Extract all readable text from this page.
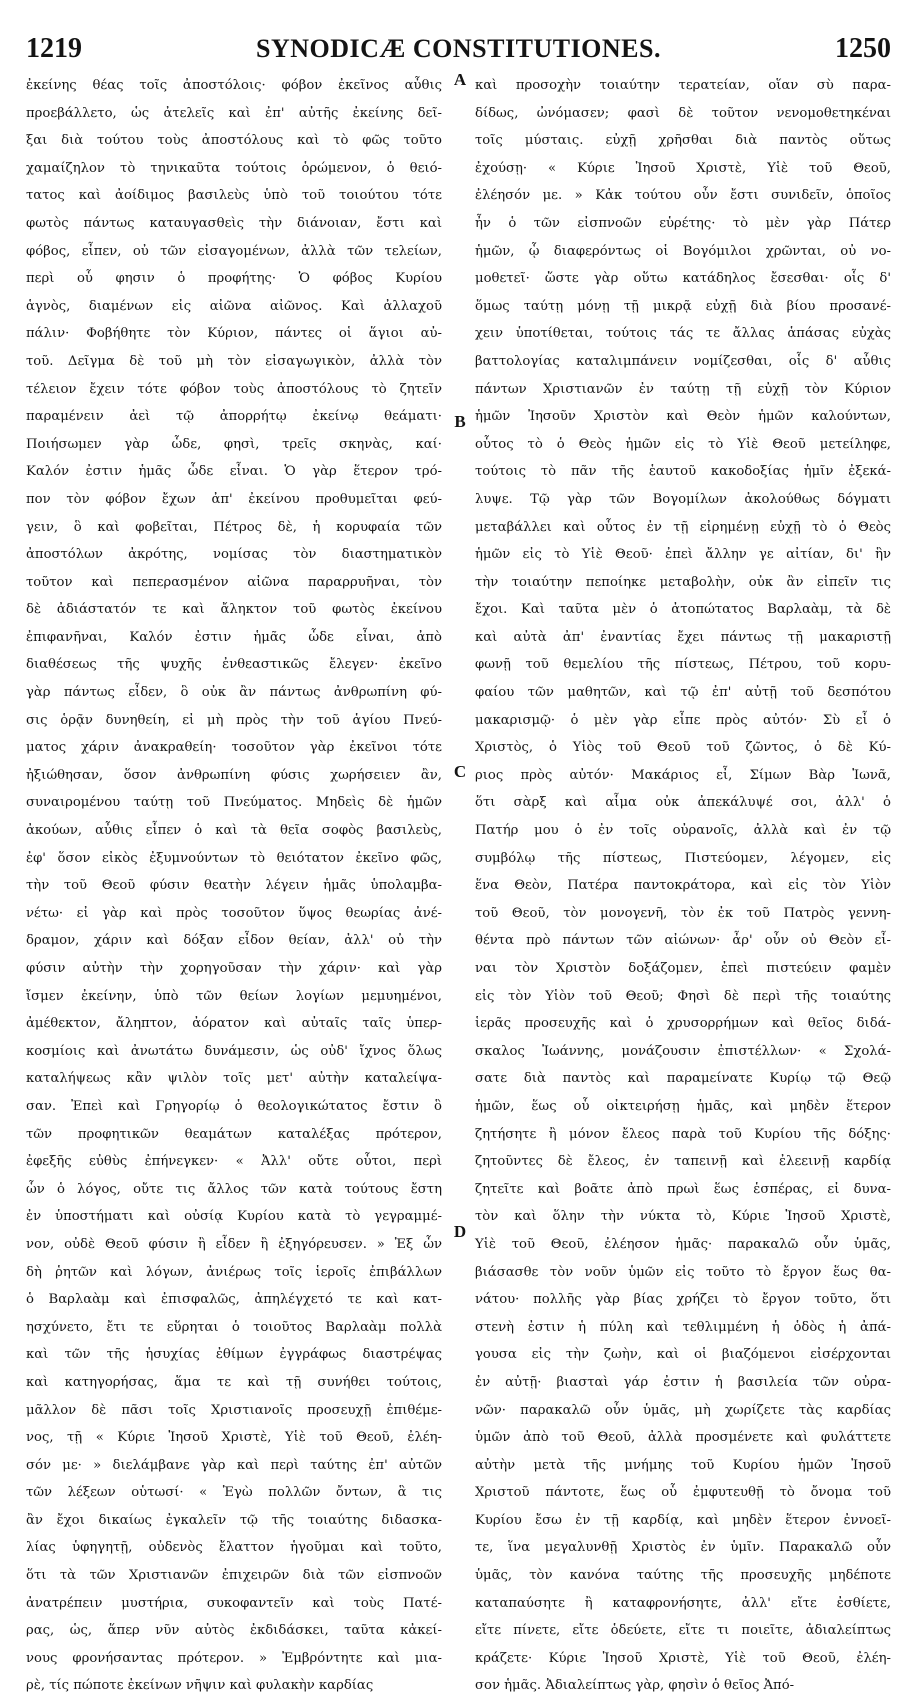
1219	SYNODICÆ CONSTITUTIONES.	1250
ἐκείνης θέας τοῖς ἀποστόλοις· φόβον ἐκεῖνος αὖθις
προεβάλλετο, ὡς ἀτελεῖς καὶ ἐπ' αὐτῆς ἐκείνης δεῖ-
ξαι διὰ τούτου τοὺς ἀποστόλους καὶ τὸ φῶς τοῦτο
χαμαίζηλον τὸ τηνικαῦτα τούτοις ὁρώμενον, ὁ θειό-
τατος καὶ ἀοίδιμος βασιλεὺς ὑπὸ τοῦ τοιούτου τότε
φωτὸς πάντως καταυγασθεὶς τὴν διάνοιαν, ἔστι καὶ
φόβος, εἶπεν, οὐ τῶν εἰσαγομένων, ἀλλὰ τῶν τελείων,
περὶ οὗ φησιν ὁ προφήτης· Ὁ φόβος Κυρίου
ἁγνὸς, διαμένων εἰς αἰῶνα αἰῶνος. Καὶ ἀλλαχοῦ
πάλιν· Φοβήθητε τὸν Κύριον, πάντες οἱ ἅγιοι αὐ-
τοῦ. Δεῖγμα δὲ τοῦ μὴ τὸν εἰσαγωγικὸν, ἀλλὰ τὸν
τέλειον ἔχειν τότε φόβον τοὺς ἀποστόλους τὸ ζητεῖν
παραμένειν ἀεὶ τῷ ἀπορρήτῳ ἐκείνῳ θεάματι·
Ποιήσωμεν γὰρ ὧδε, φησὶ, τρεῖς σκηνὰς, καί·
Καλόν ἐστιν ἡμᾶς ὧδε εἶναι. Ὁ γὰρ ἕτερον τρό-
πον τὸν φόβον ἔχων ἀπ' ἐκείνου προθυμεῖται φεύ-
γειν, ὃ καὶ φοβεῖται, Πέτρος δὲ, ἡ κορυφαία τῶν
ἀποστόλων ἀκρότης, νομίσας τὸν διαστηματικὸν
τοῦτον καὶ πεπερασμένον αἰῶνα παραρρυῆναι, τὸν
δὲ ἀδιάστατόν τε καὶ ἄληκτον τοῦ φωτὸς ἐκείνου
ἐπιφανῆναι, Καλόν ἐστιν ἡμᾶς ὧδε εἶναι, ἀπὸ
διαθέσεως τῆς ψυχῆς ἐνθεαστικῶς ἔλεγεν· ἐκεῖνο
γὰρ πάντως εἶδεν, ὃ οὐκ ἂν πάντως ἀνθρωπίνη φύ-
σις ὁρᾷν δυνηθείη, εἰ μὴ πρὸς τὴν τοῦ ἁγίου Πνεύ-
ματος χάριν ἀνακραθείη· τοσοῦτον γὰρ ἐκεῖνοι τότε
ἠξιώθησαν, ὅσον ἀνθρωπίνη φύσις χωρήσειεν ἂν,
συναιρομένου ταύτῃ τοῦ Πνεύματος. Μηδεὶς δὲ ἡμῶν
ἀκούων, αὖθις εἶπεν ὁ καὶ τὰ θεῖα σοφὸς βασιλεὺς,
ἐφ' ὅσον εἰκὸς ἐξυμνούντων τὸ θειότατον ἐκεῖνο φῶς,
τὴν τοῦ Θεοῦ φύσιν θεατὴν λέγειν ἡμᾶς ὑπολαμβα-
νέτω· εἰ γὰρ καὶ πρὸς τοσοῦτον ὕψος θεωρίας ἀνέ-
δραμον, χάριν καὶ δόξαν εἶδον θείαν, ἀλλ' οὐ τὴν
φύσιν αὐτὴν τὴν χορηγοῦσαν τὴν χάριν· καὶ γὰρ
ἴσμεν ἐκείνην, ὑπὸ τῶν θείων λογίων μεμυημένοι,
ἀμέθεκτον, ἄληπτον, ἀόρατον καὶ αὐταῖς ταῖς ὑπερ-
κοσμίοις καὶ ἀνωτάτω δυνάμεσιν, ὡς οὐδ' ἴχνος ὅλως
καταλήψεως κἂν ψιλὸν τοῖς μετ' αὐτὴν καταλείψα-
σαν. Ἐπεὶ καὶ Γρηγορίῳ ὁ θεολογικώτατος ἔστιν ὃ
τῶν προφητικῶν θεαμάτων καταλέξας πρότερον,
ἐφεξῆς εὐθὺς ἐπήνεγκεν· « Ἀλλ' οὔτε οὗτοι, περὶ
ὧν ὁ λόγος, οὔτε τις ἄλλος τῶν κατὰ τούτους ἔστη
ἐν ὑποστήματι καὶ οὐσίᾳ Κυρίου κατὰ τὸ γεγραμμέ-
νον, οὐδὲ Θεοῦ φύσιν ἢ εἶδεν ἢ ἐξηγόρευσεν. » Ἐξ ὧν
δὴ ῥητῶν καὶ λόγων, ἀνιέρως τοῖς ἱεροῖς ἐπιβάλλων
ὁ Βαρλαὰμ καὶ ἐπισφαλῶς, ἀπηλέγχετό τε καὶ κατ-
ησχύνετο, ἔτι τε εὕρηται ὁ τοιοῦτος Βαρλαὰμ πολλὰ
καὶ τῶν τῆς ἡσυχίας ἐθίμων ἐγγράφως διαστρέψας
καὶ κατηγορήσας, ἅμα τε καὶ τῇ συνήθει τούτοις,
μᾶλλον δὲ πᾶσι τοῖς Χριστιανοῖς προσευχῇ ἐπιθέμε-
νος, τῇ « Κύριε Ἰησοῦ Χριστὲ, Υἱὲ τοῦ Θεοῦ, ἐλέη-
σόν με· » διελάμβανε γὰρ καὶ περὶ ταύτης ἐπ' αὐτῶν
τῶν λέξεων οὑτωσί· « Ἐγὼ πολλῶν ὄντων, ἃ τις
ἂν ἔχοι δικαίως ἐγκαλεῖν τῷ τῆς τοιαύτης διδασκα-
λίας ὑφηγητῇ, οὐδενὸς ἔλαττον ἡγοῦμαι καὶ τοῦτο,
ὅτι τὰ τῶν Χριστιανῶν ἐπιχειρῶν διὰ τῶν εἰσπνοῶν
ἀνατρέπειν μυστήρια, συκοφαντεῖν καὶ τοὺς Πατέ-
ρας, ὡς, ἅπερ νῦν αὐτὸς ἐκδιδάσκει, ταῦτα κἀκεί-
νους φρονήσαντας πρότερον. » Ἐμβρόντητε καὶ μια-
ρὲ, τίς πώποτε ἐκείνων νῆψιν καὶ φυλακὴν καρδίας
A
B
C
D
καὶ προσοχὴν τοιαύτην τερατείαν, οἵαν σὺ παρα-
δίδως, ὠνόμασεν; φασὶ δὲ τοῦτον νενομοθετηκέναι
τοῖς μύσταις. εὐχῇ χρῆσθαι διὰ παντὸς οὕτως
ἐχούσῃ· « Κύριε Ἰησοῦ Χριστὲ, Υἱὲ τοῦ Θεοῦ,
ἐλέησόν με. » Κἀκ τούτου οὖν ἔστι συνιδεῖν, ὁποῖος
ἦν ὁ τῶν εἰσπνοῶν εὑρέτης· τὸ μὲν γὰρ Πάτερ
ἡμῶν, ᾧ διαφερόντως οἱ Βογόμιλοι χρῶνται, οὐ νο-
μοθετεῖ· ὥστε γὰρ οὕτω κατάδηλος ἔσεσθαι· οἷς δ'
ὅμως ταύτῃ μόνῃ τῇ μικρᾷ εὐχῇ διὰ βίου προσανέ-
χειν ὑποτίθεται, τούτοις τάς τε ἄλλας ἁπάσας εὐχὰς
βαττολογίας καταλιμπάνειν νομίζεσθαι, οἷς δ' αὖθις
πάντων Χριστιανῶν ἐν ταύτῃ τῇ εὐχῇ τὸν Κύριον
ἡμῶν Ἰησοῦν Χριστὸν καὶ Θεὸν ἡμῶν καλούντων,
οὗτος τὸ ὁ Θεὸς ἡμῶν εἰς τὸ Υἱὲ Θεοῦ μετείληφε,
τούτοις τὸ πᾶν τῆς ἑαυτοῦ κακοδοξίας ἡμῖν ἐξεκά-
λυψε. Τῷ γὰρ τῶν Βογομίλων ἀκολούθως δόγματι
μεταβάλλει καὶ οὗτος ἐν τῇ εἰρημένῃ εὐχῇ τὸ ὁ Θεὸς
ἡμῶν εἰς τὸ Υἱὲ Θεοῦ· ἐπεὶ ἄλλην γε αἰτίαν, δι' ἣν
τὴν τοιαύτην πεποίηκε μεταβολὴν, οὐκ ἂν εἰπεῖν τις
ἔχοι. Καὶ ταῦτα μὲν ὁ ἀτοπώτατος Βαρλαὰμ, τὰ δὲ
καὶ αὐτὰ ἀπ' ἐναντίας ἔχει πάντως τῇ μακαριστῇ
φωνῇ τοῦ θεμελίου τῆς πίστεως, Πέτρου, τοῦ κορυ-
φαίου τῶν μαθητῶν, καὶ τῷ ἐπ' αὐτῇ τοῦ δεσπότου
μακαρισμῷ· ὁ μὲν γὰρ εἶπε πρὸς αὐτόν· Σὺ εἶ ὁ
Χριστὸς, ὁ Υἱὸς τοῦ Θεοῦ τοῦ ζῶντος, ὁ δὲ Κύ-
ριος πρὸς αὐτόν· Μακάριος εἶ, Σίμων Βὰρ Ἰωνᾶ,
ὅτι σὰρξ καὶ αἷμα οὐκ ἀπεκάλυψέ σοι, ἀλλ' ὁ
Πατήρ μου ὁ ἐν τοῖς οὐρανοῖς, ἀλλὰ καὶ ἐν τῷ
συμβόλῳ τῆς πίστεως, Πιστεύομεν, λέγομεν, εἰς
ἕνα Θεὸν, Πατέρα παντοκράτορα, καὶ εἰς τὸν Υἱὸν
τοῦ Θεοῦ, τὸν μονογενῆ, τὸν ἐκ τοῦ Πατρὸς γεννη-
θέντα πρὸ πάντων τῶν αἰώνων· ἆρ' οὖν οὐ Θεὸν εἶ-
ναι τὸν Χριστὸν δοξάζομεν, ἐπεὶ πιστεύειν φαμὲν
εἰς τὸν Υἱὸν τοῦ Θεοῦ; Φησὶ δὲ περὶ τῆς τοιαύτης
ἱερᾶς προσευχῆς καὶ ὁ χρυσορρήμων καὶ θεῖος διδά-
σκαλος Ἰωάννης, μονάζουσιν ἐπιστέλλων· « Σχολά-
σατε διὰ παντὸς καὶ παραμείνατε Κυρίῳ τῷ Θεῷ
ἡμῶν, ἕως οὗ οἰκτειρήσῃ ἡμᾶς, καὶ μηδὲν ἕτερον
ζητήσητε ἢ μόνον ἔλεος παρὰ τοῦ Κυρίου τῆς δόξης·
ζητοῦντες δὲ ἔλεος, ἐν ταπεινῇ καὶ ἐλεεινῇ καρδίᾳ
ζητεῖτε καὶ βοᾶτε ἀπὸ πρωὶ ἕως ἑσπέρας, εἰ δυνα-
τὸν καὶ ὅλην τὴν νύκτα τὸ, Κύριε Ἰησοῦ Χριστὲ,
Υἱὲ τοῦ Θεοῦ, ἐλέησον ἡμᾶς· παρακαλῶ οὖν ὑμᾶς,
βιάσασθε τὸν νοῦν ὑμῶν εἰς τοῦτο τὸ ἔργον ἕως θα-
νάτου· πολλῆς γὰρ βίας χρήζει τὸ ἔργον τοῦτο, ὅτι
στενὴ ἐστιν ἡ πύλη καὶ τεθλιμμένη ἡ ὁδὸς ἡ ἀπά-
γουσα εἰς τὴν ζωὴν, καὶ οἱ βιαζόμενοι εἰσέρχονται
ἐν αὐτῇ· βιασταὶ γάρ ἐστιν ἡ βασιλεία τῶν οὐρα-
νῶν· παρακαλῶ οὖν ὑμᾶς, μὴ χωρίζετε τὰς καρδίας
ὑμῶν ἀπὸ τοῦ Θεοῦ, ἀλλὰ προσμένετε καὶ φυλάττετε
αὐτὴν μετὰ τῆς μνήμης τοῦ Κυρίου ἡμῶν Ἰησοῦ
Χριστοῦ πάντοτε, ἕως οὗ ἐμφυτευθῇ τὸ ὄνομα τοῦ
Κυρίου ἔσω ἐν τῇ καρδίᾳ, καὶ μηδὲν ἕτερον ἐννοεῖ-
τε, ἵνα μεγαλυνθῇ Χριστὸς ἐν ὑμῖν. Παρακαλῶ οὖν
ὑμᾶς, τὸν κανόνα ταύτης τῆς προσευχῆς μηδέποτε
καταπαύσητε ἢ καταφρονήσητε, ἀλλ' εἴτε ἐσθίετε,
εἴτε πίνετε, εἴτε ὁδεύετε, εἴτε τι ποιεῖτε, ἀδιαλείπτως
κράζετε· Κύριε Ἰησοῦ Χριστὲ, Υἱὲ τοῦ Θεοῦ, ἐλέη-
σον ἡμᾶς. Ἀδιαλείπτως γὰρ, φησὶν ὁ θεῖος Ἀπό-
